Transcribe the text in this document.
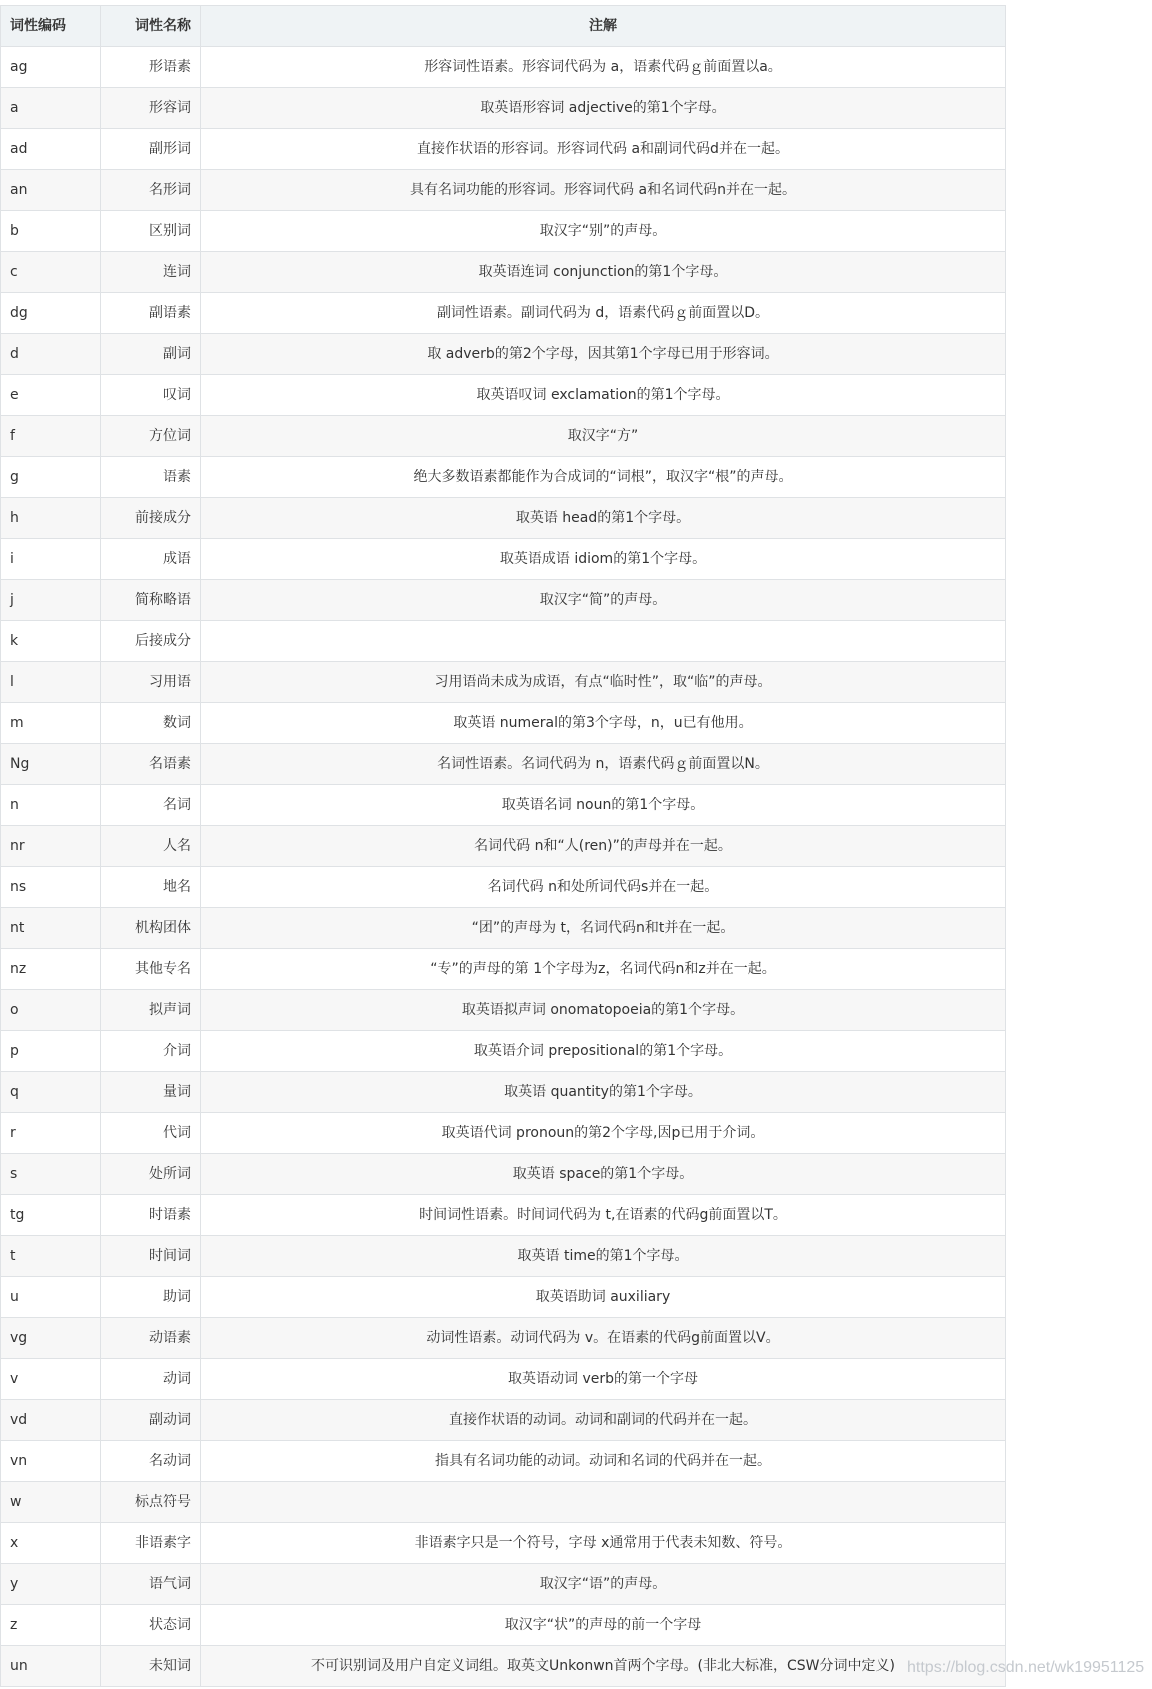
词性编码	词性名称	注解
ag	形语素	形容词性语素。形容词代码为 a，语素代码ｇ前面置以a。
a	形容词	取英语形容词 adjective的第1个字母。
ad	副形词	直接作状语的形容词。形容词代码 a和副词代码d并在一起。
an	名形词	具有名词功能的形容词。形容词代码 a和名词代码n并在一起。
b	区别词	取汉字“别”的声母。
c	连词	取英语连词 conjunction的第1个字母。
dg	副语素	副词性语素。副词代码为 d，语素代码ｇ前面置以D。
d	副词	取 adverb的第2个字母，因其第1个字母已用于形容词。
e	叹词	取英语叹词 exclamation的第1个字母。
f	方位词	取汉字“方”
g	语素	绝大多数语素都能作为合成词的“词根”，取汉字“根”的声母。
h	前接成分	取英语 head的第1个字母。
i	成语	取英语成语 idiom的第1个字母。
j	简称略语	取汉字“简”的声母。
k	后接成分	
l	习用语	习用语尚未成为成语，有点“临时性”，取“临”的声母。
m	数词	取英语 numeral的第3个字母，n，u已有他用。
Ng	名语素	名词性语素。名词代码为 n，语素代码ｇ前面置以N。
n	名词	取英语名词 noun的第1个字母。
nr	人名	名词代码 n和“人(ren)”的声母并在一起。
ns	地名	名词代码 n和处所词代码s并在一起。
nt	机构团体	“团”的声母为 t，名词代码n和t并在一起。
nz	其他专名	“专”的声母的第 1个字母为z，名词代码n和z并在一起。
o	拟声词	取英语拟声词 onomatopoeia的第1个字母。
p	介词	取英语介词 prepositional的第1个字母。
q	量词	取英语 quantity的第1个字母。
r	代词	取英语代词 pronoun的第2个字母,因p已用于介词。
s	处所词	取英语 space的第1个字母。
tg	时语素	时间词性语素。时间词代码为 t,在语素的代码g前面置以T。
t	时间词	取英语 time的第1个字母。
u	助词	取英语助词 auxiliary
vg	动语素	动词性语素。动词代码为 v。在语素的代码g前面置以V。
v	动词	取英语动词 verb的第一个字母
vd	副动词	直接作状语的动词。动词和副词的代码并在一起。
vn	名动词	指具有名词功能的动词。动词和名词的代码并在一起。
w	标点符号	
x	非语素字	非语素字只是一个符号，字母 x通常用于代表未知数、符号。
y	语气词	取汉字“语”的声母。
z	状态词	取汉字“状”的声母的前一个字母
un	未知词	不可识别词及用户自定义词组。取英文Unkonwn首两个字母。(非北大标准，CSW分词中定义) https://blog.csdn.net/wk19951125
